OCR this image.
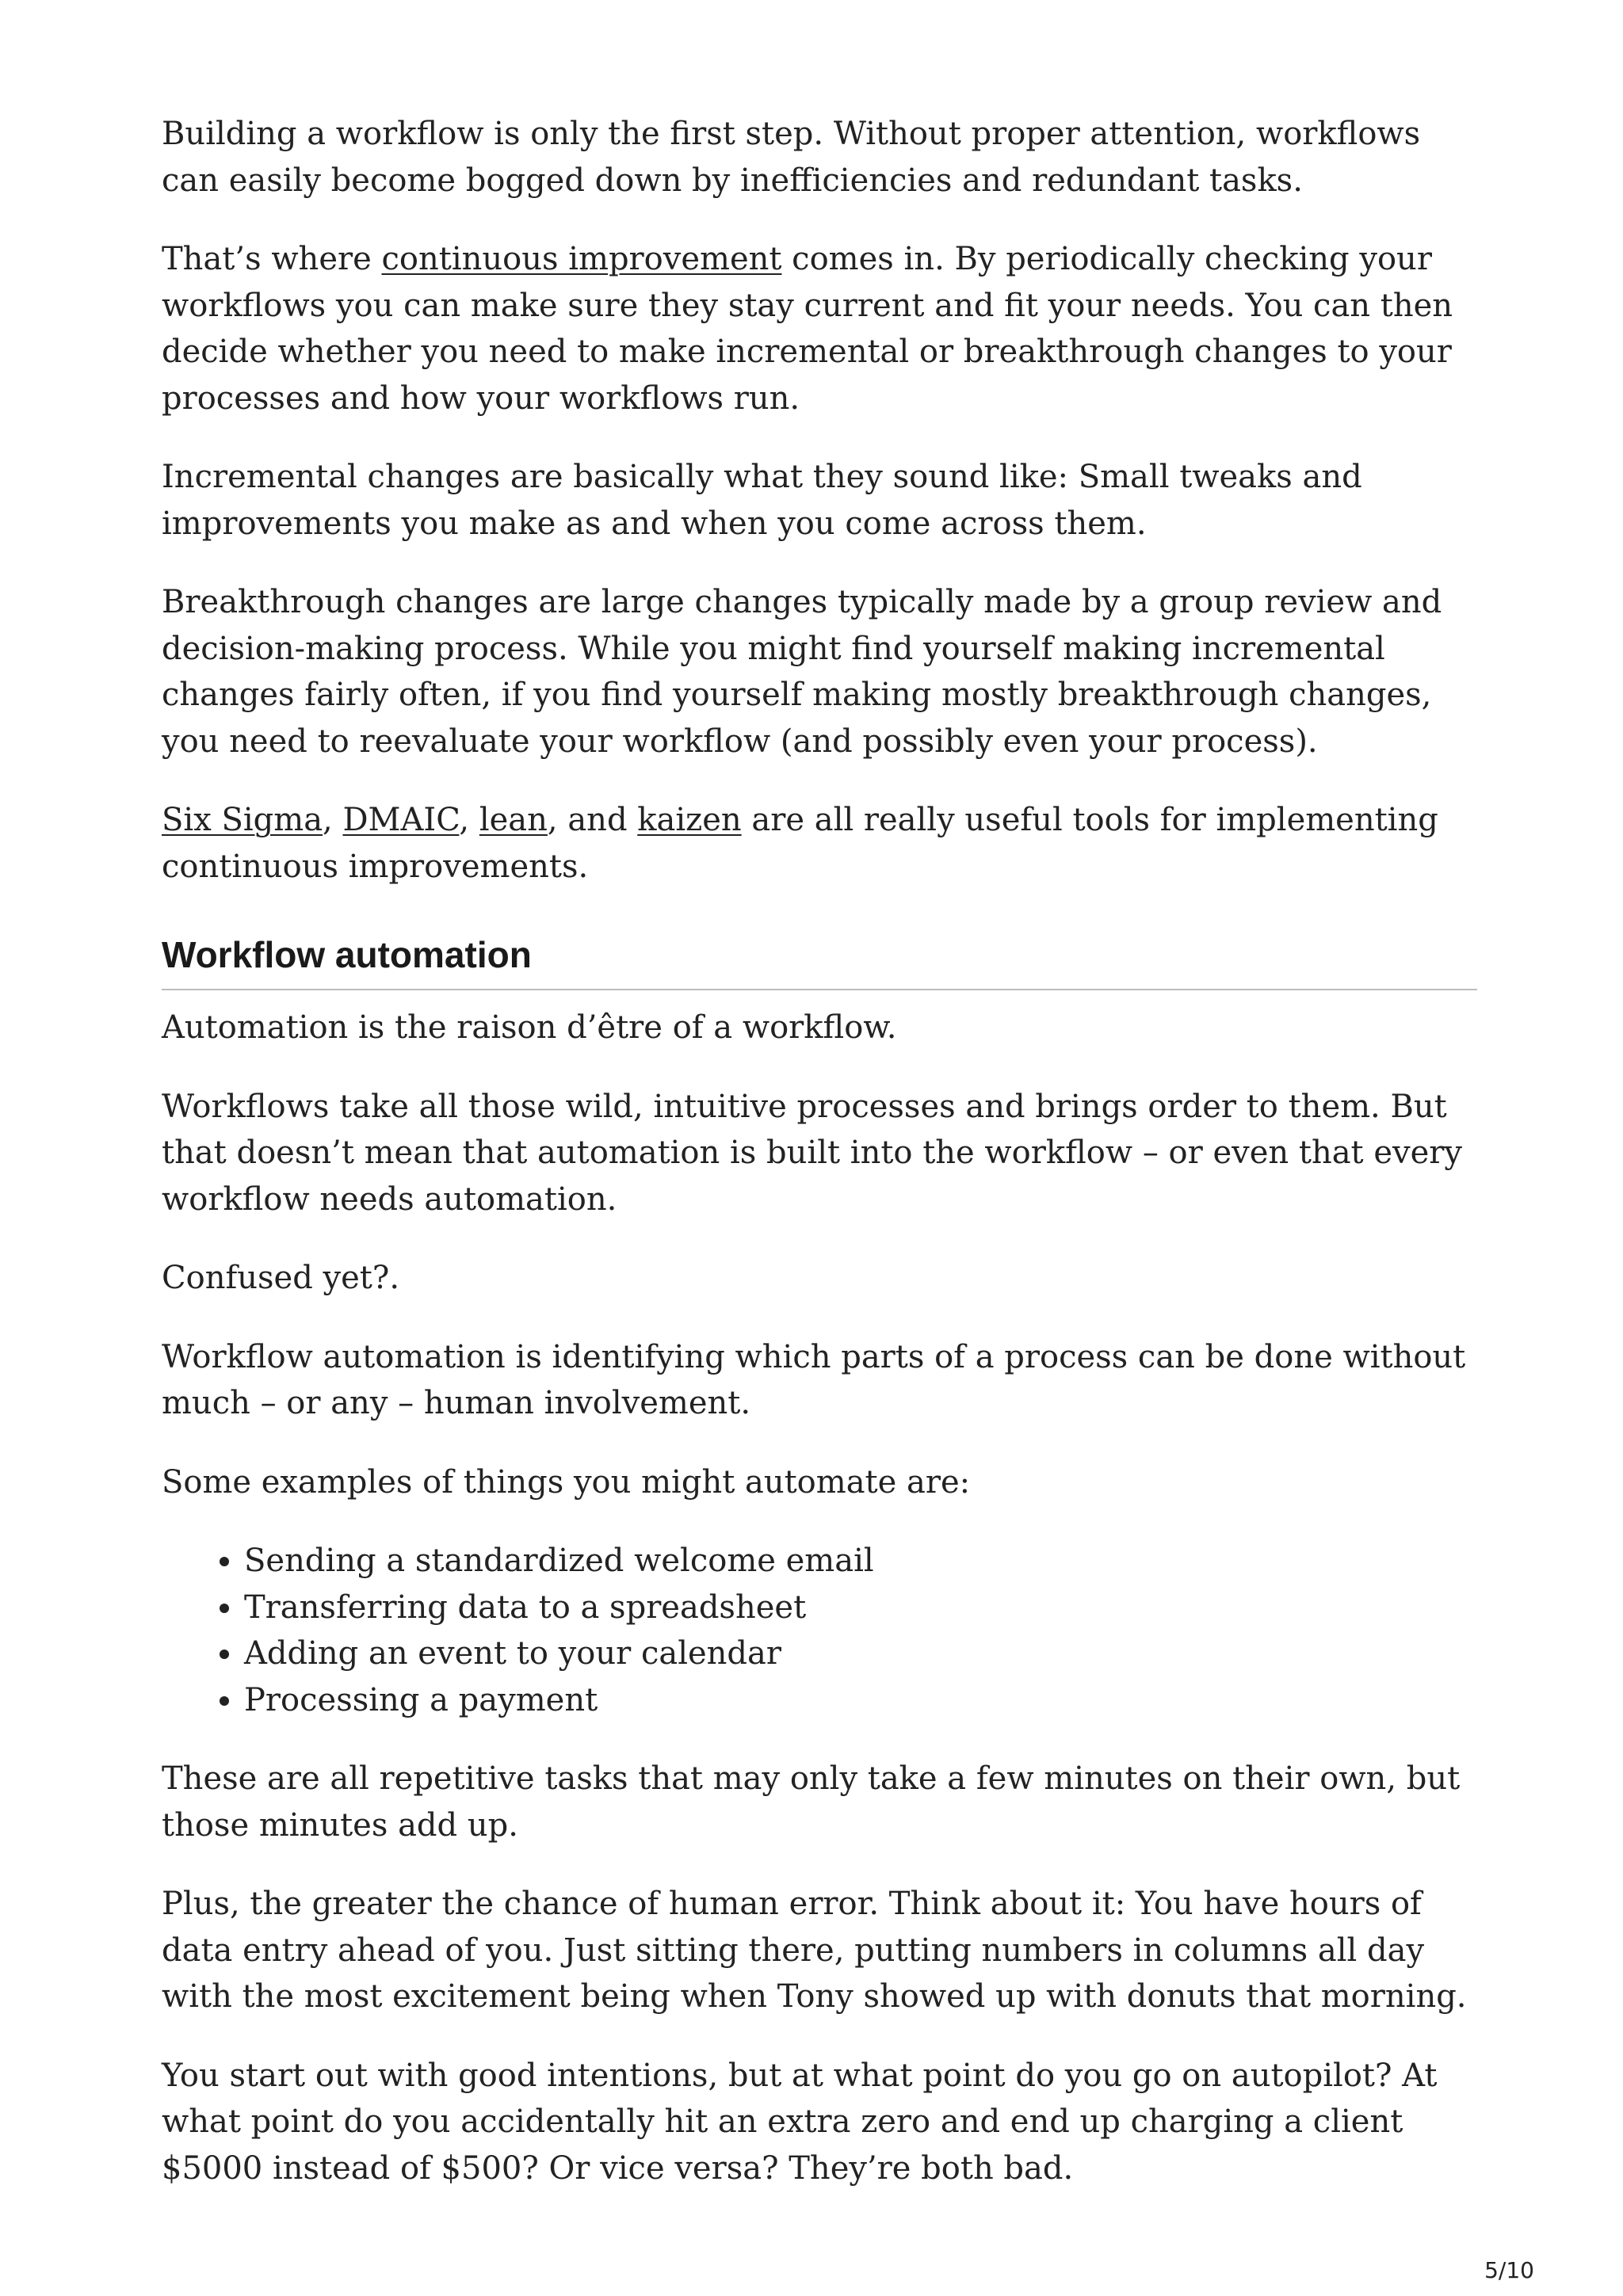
Building a workflow is only the first step. Without proper attention, workflows can easily become bogged down by inefficiencies and redundant tasks.

That’s where continuous improvement comes in. By periodically checking your workflows you can make sure they stay current and fit your needs. You can then decide whether you need to make incremental or breakthrough changes to your processes and how your workflows run.

Incremental changes are basically what they sound like: Small tweaks and improvements you make as and when you come across them.

Breakthrough changes are large changes typically made by a group review and decision-making process. While you might find yourself making incremental changes fairly often, if you find yourself making mostly breakthrough changes, you need to reevaluate your workflow (and possibly even your process).

Six Sigma, DMAIC, lean, and kaizen are all really useful tools for implementing continuous improvements.

Workflow automation

Automation is the raison d’être of a workflow.

Workflows take all those wild, intuitive processes and brings order to them. But that doesn’t mean that automation is built into the workflow – or even that every workflow needs automation.

Confused yet?.

Workflow automation is identifying which parts of a process can be done without much – or any – human involvement.

Some examples of things you might automate are:

• Sending a standardized welcome email
• Transferring data to a spreadsheet
• Adding an event to your calendar
• Processing a payment

These are all repetitive tasks that may only take a few minutes on their own, but those minutes add up.

Plus, the greater the chance of human error. Think about it: You have hours of data entry ahead of you. Just sitting there, putting numbers in columns all day with the most excitement being when Tony showed up with donuts that morning.

You start out with good intentions, but at what point do you go on autopilot? At what point do you accidentally hit an extra zero and end up charging a client $5000 instead of $500? Or vice versa? They’re both bad.

5/10
